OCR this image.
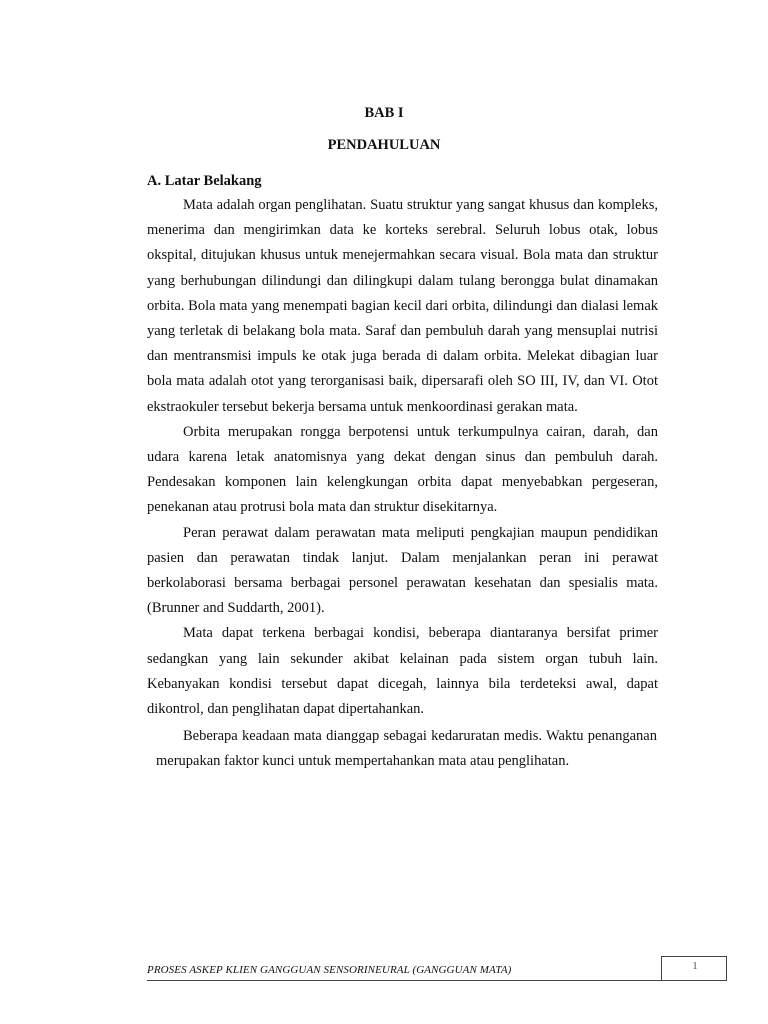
BAB I
PENDAHULUAN
A. Latar Belakang

Mata adalah organ penglihatan. Suatu struktur yang sangat khusus dan kompleks, menerima dan mengirimkan data ke korteks serebral. Seluruh lobus otak, lobus okspital, ditujukan khusus untuk menejermahkan secara visual. Bola mata dan struktur yang berhubungan dilindungi dan dilingkupi dalam tulang berongga bulat dinamakan orbita. Bola mata yang menempati bagian kecil dari orbita, dilindungi dan dialasi lemak yang terletak di belakang bola mata. Saraf dan pembuluh darah yang mensuplai nutrisi dan mentransmisi impuls ke otak juga berada di dalam orbita. Melekat dibagian luar bola mata adalah otot yang terorganisasi baik, dipersarafi oleh SO III, IV, dan VI. Otot ekstraokuler tersebut bekerja bersama untuk menkoordinasi gerakan mata.

Orbita merupakan rongga berpotensi untuk terkumpulnya cairan, darah, dan udara karena letak anatomisnya yang dekat dengan sinus dan pembuluh darah. Pendesakan komponen lain kelengkungan orbita dapat menyebabkan pergeseran, penekanan atau protrusi bola mata dan struktur disekitarnya.

Peran perawat dalam perawatan mata meliputi pengkajian maupun pendidikan pasien dan perawatan tindak lanjut. Dalam menjalankan peran ini perawat berkolaborasi bersama berbagai personel perawatan kesehatan dan spesialis mata. (Brunner and Suddarth, 2001).

Mata dapat terkena berbagai kondisi, beberapa diantaranya bersifat primer sedangkan yang lain sekunder akibat kelainan pada sistem organ tubuh lain. Kebanyakan kondisi tersebut dapat dicegah, lainnya bila terdeteksi awal, dapat dikontrol, dan penglihatan dapat dipertahankan.

Beberapa keadaan mata dianggap sebagai kedaruratan medis. Waktu penanganan merupakan faktor kunci untuk mempertahankan mata atau penglihatan.

PROSES ASKEP KLIEN GANGGUAN SENSORINEURAL (GANGGUAN MATA)	1
